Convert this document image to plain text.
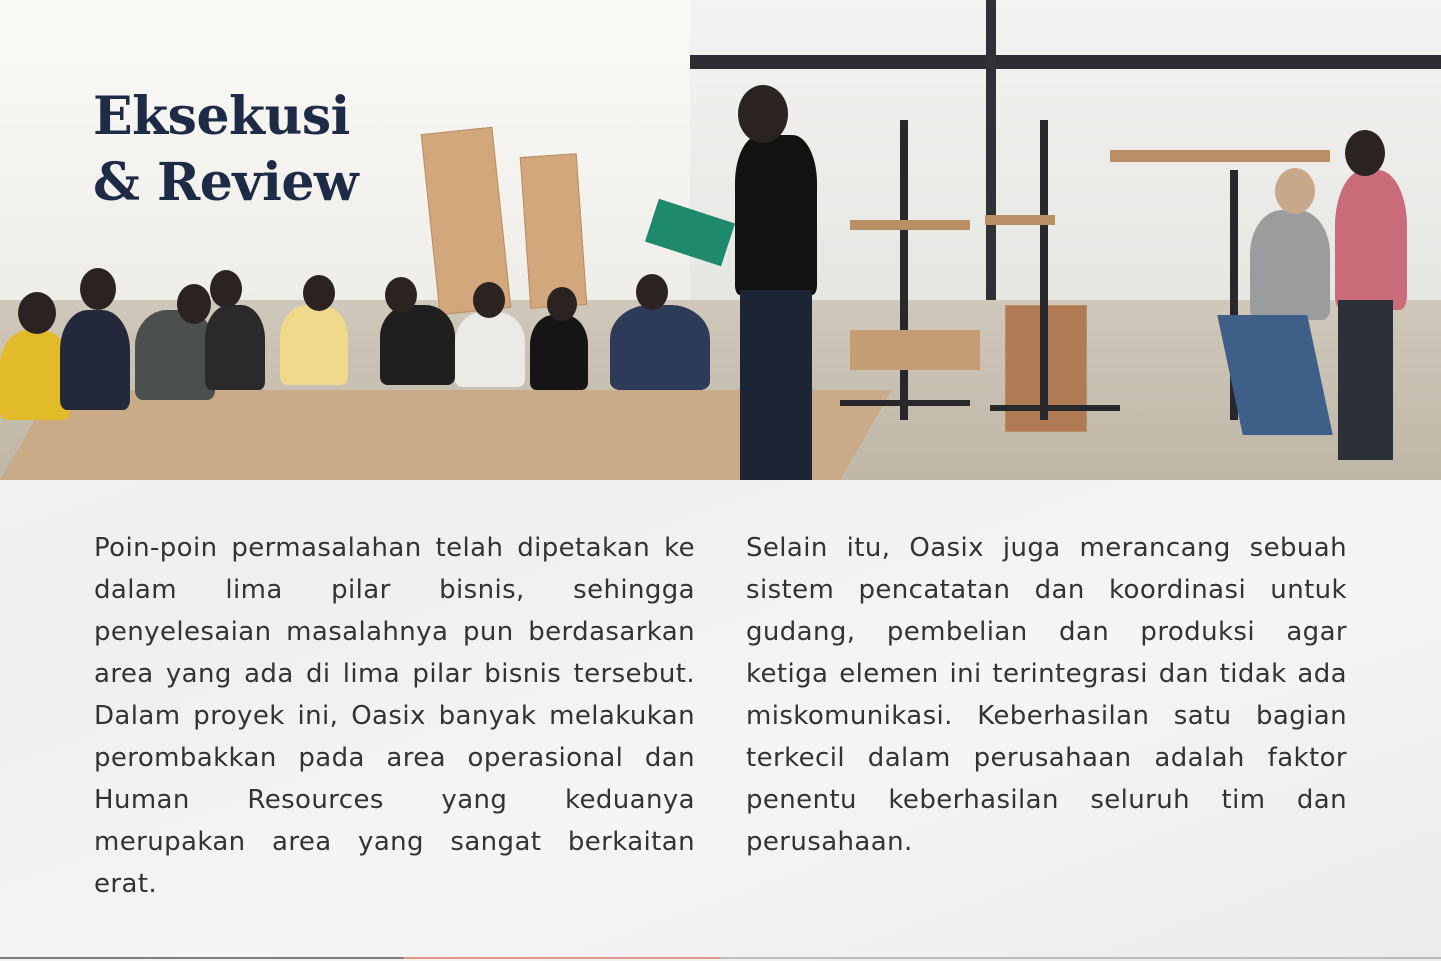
Eksekusi
& Review

Poin-poin permasalahan telah dipetakan ke dalam lima pilar bisnis, sehingga penyelesaian masalahnya pun berdasarkan area yang ada di lima pilar bisnis tersebut. Dalam proyek ini, Oasix banyak melakukan perombakkan pada area operasional dan Human Resources yang keduanya merupakan area yang sangat berkaitan erat.

Selain itu, Oasix juga merancang sebuah sistem pencatatan dan koordinasi untuk gudang, pembelian dan produksi agar ketiga elemen ini terintegrasi dan tidak ada miskomunikasi. Keberhasilan satu bagian terkecil dalam perusahaan adalah faktor penentu keberhasilan seluruh tim dan perusahaan.
